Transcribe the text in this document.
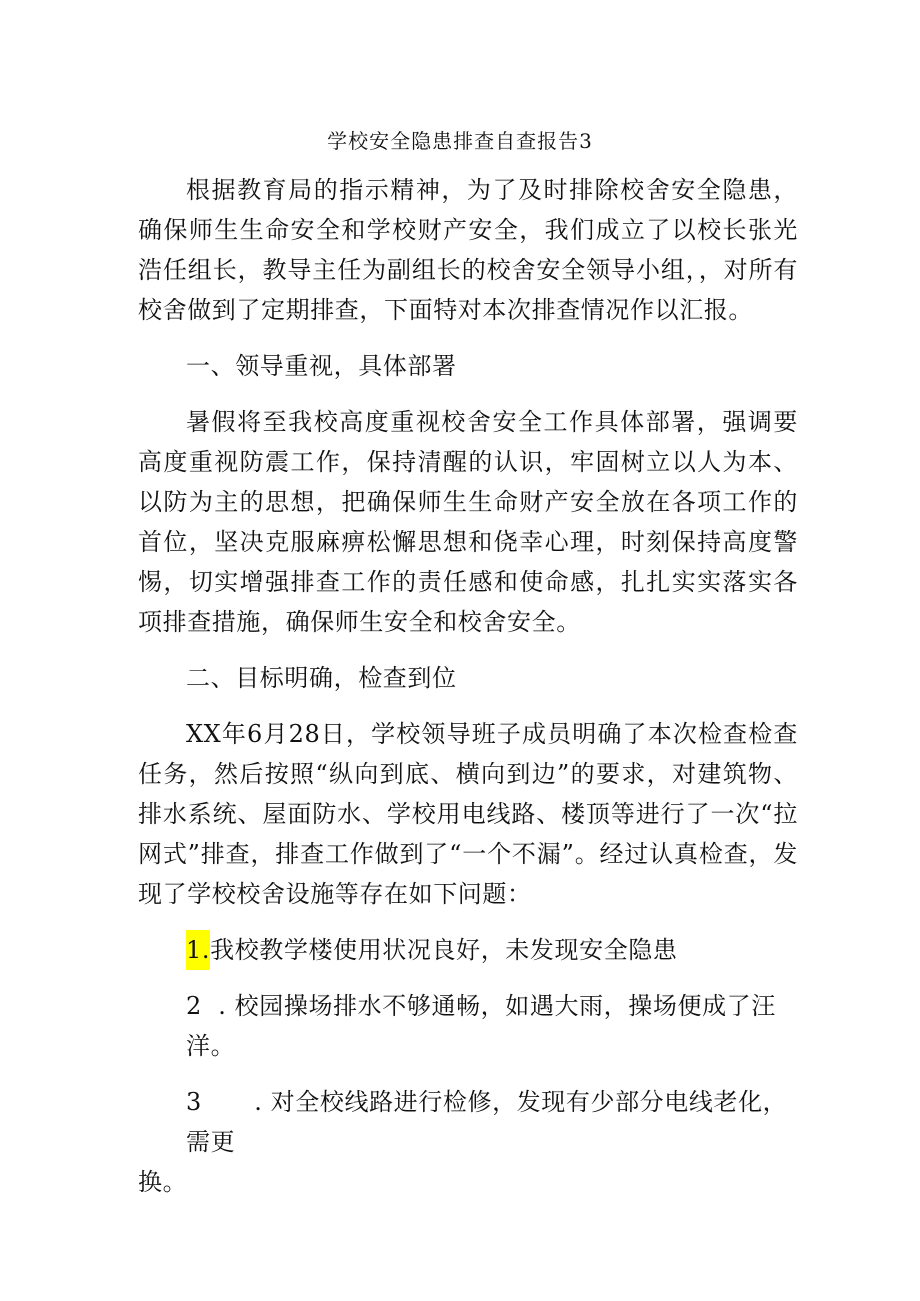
学校安全隐患排查自查报告3

根据教育局的指示精神，为了及时排除校舍安全隐患，确保师生生命安全和学校财产安全，我们成立了以校长张光浩任组长，教导主任为副组长的校舍安全领导小组，，对所有校舍做到了定期排查，下面特对本次排查情况作以汇报。

一、领导重视，具体部署

暑假将至我校高度重视校舍安全工作具体部署，强调要高度重视防震工作，保持清醒的认识，牢固树立以人为本、以防为主的思想，把确保师生生命财产安全放在各项工作的首位，坚决克服麻痹松懈思想和侥幸心理，时刻保持高度警惕，切实增强排查工作的责任感和使命感，扎扎实实落实各项排查措施，确保师生安全和校舍安全。

二、目标明确，检查到位

XX年6月28日，学校领导班子成员明确了本次检查检查任务，然后按照“纵向到底、横向到边”的要求，对建筑物、排水系统、屋面防水、学校用电线路、楼顶等进行了一次“拉网式”排查，排查工作做到了“一个不漏”。经过认真检查，发现了学校校舍设施等存在如下问题：

1.我校教学楼使用状况良好，未发现安全隐患
2 . 校园操场排水不够通畅，如遇大雨，操场便成了汪洋。
3 . 对全校线路进行检修，发现有少部分电线老化，需更

换。
